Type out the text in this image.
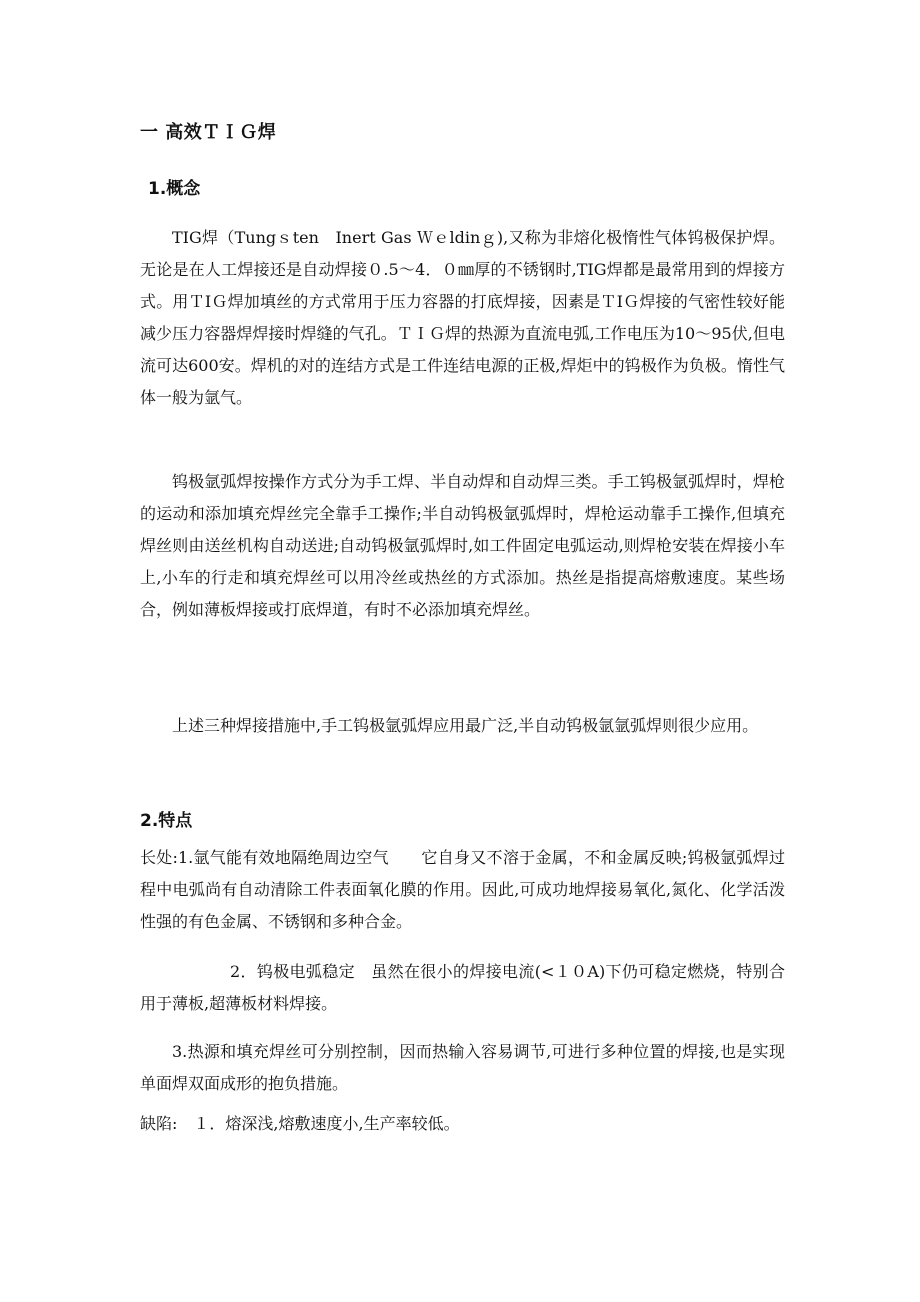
一 高效ＴＩＧ焊
1.概念
TIG焊（Tungｓten　Inert Gas Ｗｅldinｇ),又称为非熔化极惰性气体钨极保护焊。无论是在人工焊接还是自动焊接０.5～4．０㎜厚的不锈钢时,TIG焊都是最常用到的焊接方式。用ＴIＧ焊加填丝的方式常用于压力容器的打底焊接，因素是ＴIＧ焊接的气密性较好能减少压力容器焊焊接时焊缝的气孔。ＴＩＧ焊的热源为直流电弧,工作电压为10～95伏,但电流可达600安。焊机的对的连结方式是工件连结电源的正极,焊炬中的钨极作为负极。惰性气体一般为氩气。
钨极氩弧焊按操作方式分为手工焊、半自动焊和自动焊三类。手工钨极氩弧焊时，焊枪的运动和添加填充焊丝完全靠手工操作;半自动钨极氩弧焊时，焊枪运动靠手工操作,但填充焊丝则由送丝机构自动送进;自动钨极氩弧焊时,如工件固定电弧运动,则焊枪安装在焊接小车上,小车的行走和填充焊丝可以用冷丝或热丝的方式添加。热丝是指提高熔敷速度。某些场合，例如薄板焊接或打底焊道，有时不必添加填充焊丝。
上述三种焊接措施中,手工钨极氩弧焊应用最广泛,半自动钨极氩氩弧焊则很少应用。
2.特点
长处:1.氩气能有效地隔绝周边空气　　它自身又不溶于金属，不和金属反映;钨极氩弧焊过程中电弧尚有自动清除工件表面氧化膜的作用。因此,可成功地焊接易氧化,氮化、化学活泼性强的有色金属、不锈钢和多种合金。
2．钨极电弧稳定　虽然在很小的焊接电流(<１０A)下仍可稳定燃烧，特别合用于薄板,超薄板材料焊接。
3.热源和填充焊丝可分别控制，因而热输入容易调节,可进行多种位置的焊接,也是实现单面焊双面成形的抱负措施。
缺陷:　１．熔深浅,熔敷速度小,生产率较低。
